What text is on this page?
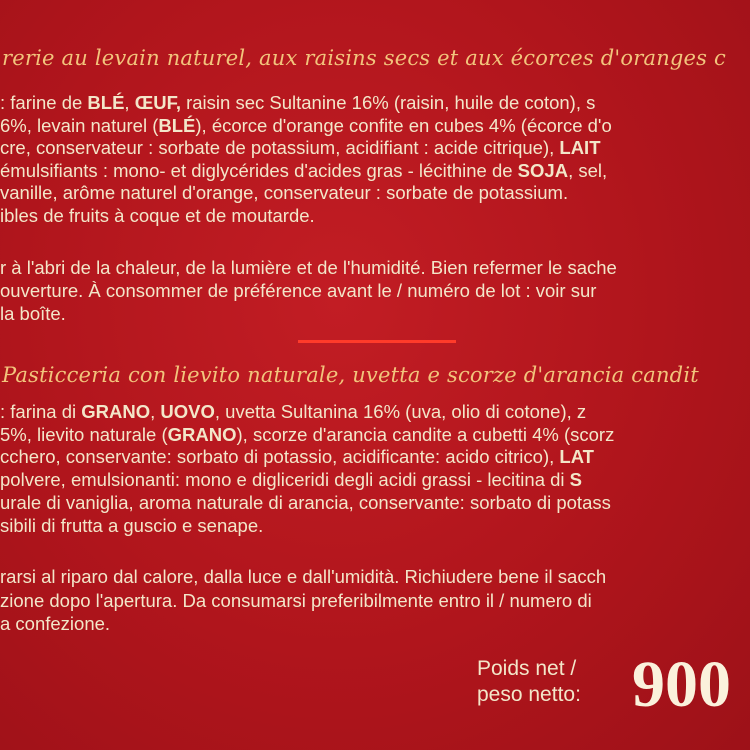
rerie au levain naturel, aux raisins secs et aux écorces d'oranges c
: farine de BLÉ, ŒUF, raisin sec Sultanine 16% (raisin, huile de coton), s
6%, levain naturel (BLÉ), écorce d'orange confite en cubes 4% (écorce d'o
cre, conservateur : sorbate de potassium, acidifiant : acide citrique), LAIT
émulsifiants : mono- et diglycérides d'acides gras - lécithine de SOJA, sel,
vanille, arôme naturel d'orange, conservateur : sorbate de potassium.
ibles de fruits à coque et de moutarde.
r à l'abri de la chaleur, de la lumière et de l'humidité. Bien refermer le sache
ouverture. À consommer de préférence avant le / numéro de lot : voir sur
la boîte.
Pasticceria con lievito naturale, uvetta e scorze d'arancia candit
: farina di GRANO, UOVO, uvetta Sultanina 16% (uva, olio di cotone), z
5%, lievito naturale (GRANO), scorze d'arancia candite a cubetti 4% (scorz
cchero, conservante: sorbato di potassio, acidificante: acido citrico), LAT
polvere, emulsionanti: mono e digliceridi degli acidi grassi - lecitina di S
urale di vaniglia, aroma naturale di arancia, conservante: sorbato di potass
sibili di frutta a guscio e senape.
rarsi al riparo dal calore, dalla luce e dall'umidità. Richiudere bene il sacch
zione dopo l'apertura. Da consumarsi preferibilmente entro il / numero di
a confezione.
Poids net /
peso netto: 900
